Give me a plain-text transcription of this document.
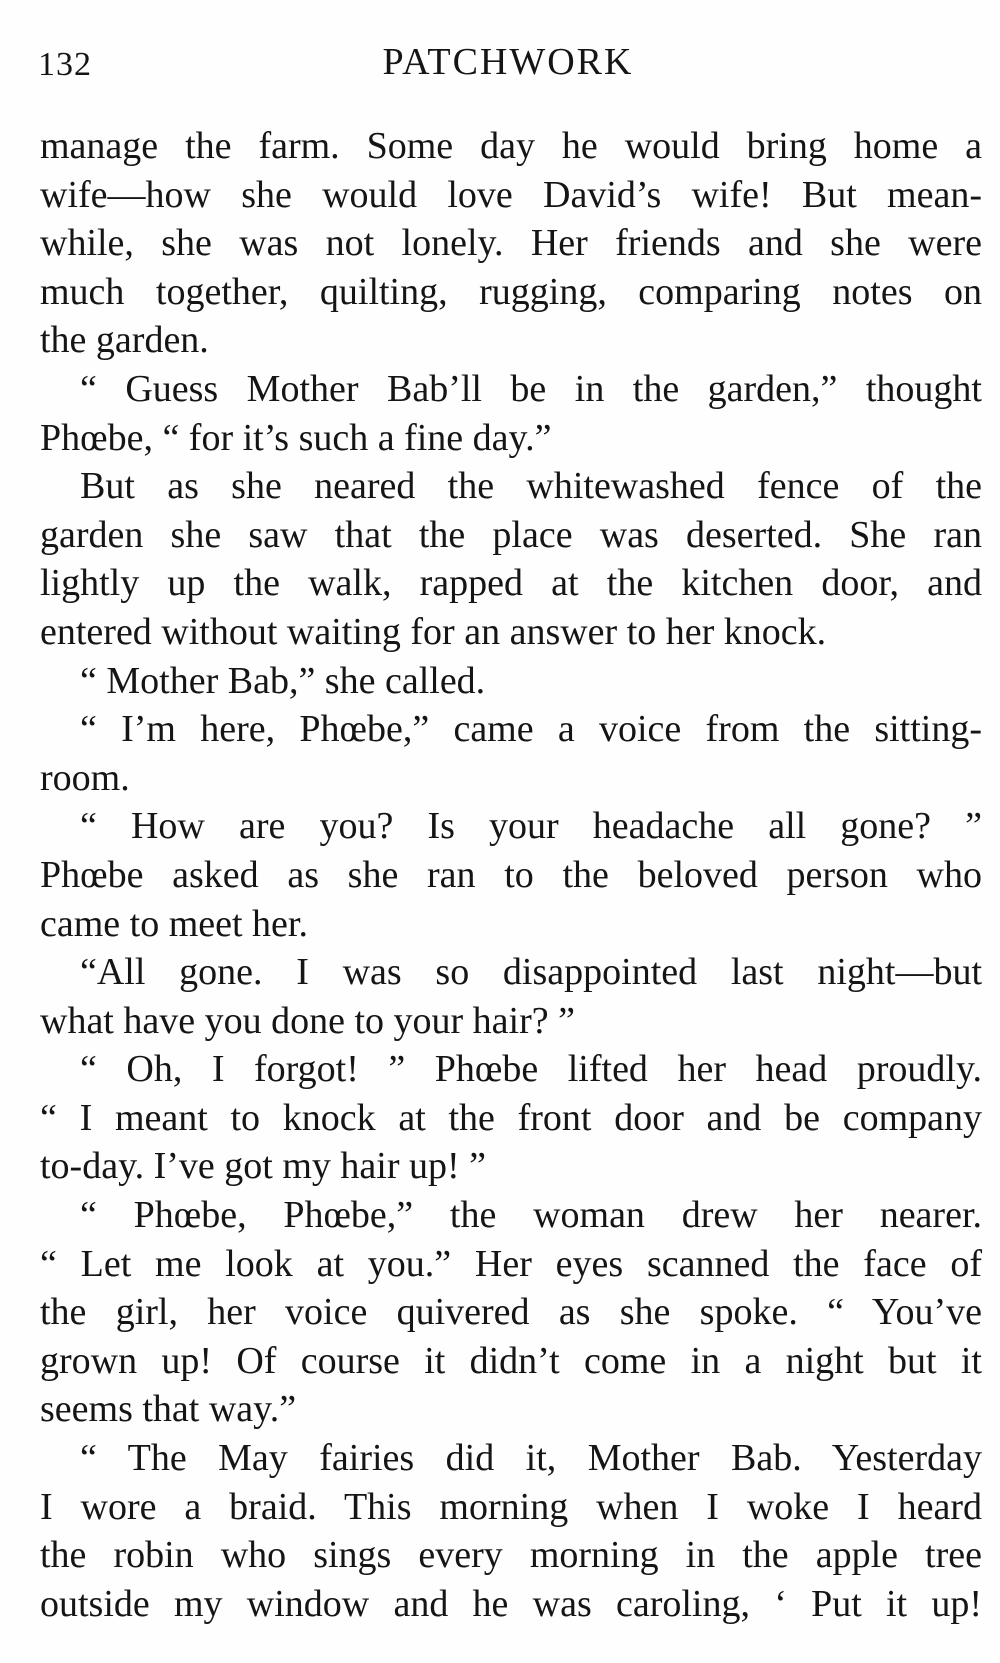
132	PATCHWORK
manage the farm. Some day he would bring home a
wife—how she would love David’s wife! But mean-
while, she was not lonely. Her friends and she were
much together, quilting, rugging, comparing notes on
the garden.
“ Guess Mother Bab’ll be in the garden,” thought
Phœbe, “ for it’s such a fine day.”
But as she neared the whitewashed fence of the
garden she saw that the place was deserted. She ran
lightly up the walk, rapped at the kitchen door, and
entered without waiting for an answer to her knock.
“ Mother Bab,” she called.
“ I’m here, Phœbe,” came a voice from the sitting-
room.
“ How are you? Is your headache all gone? ”
Phœbe asked as she ran to the beloved person who
came to meet her.
“All gone. I was so disappointed last night—but
what have you done to your hair? ”
“ Oh, I forgot! ” Phœbe lifted her head proudly.
“ I meant to knock at the front door and be company
to-day. I’ve got my hair up! ”
“ Phœbe, Phœbe,” the woman drew her nearer.
“ Let me look at you.” Her eyes scanned the face of
the girl, her voice quivered as she spoke. “ You’ve
grown up! Of course it didn’t come in a night but it
seems that way.”
“ The May fairies did it, Mother Bab. Yesterday
I wore a braid. This morning when I woke I heard
the robin who sings every morning in the apple tree
outside my window and he was caroling, ‘ Put it up!
